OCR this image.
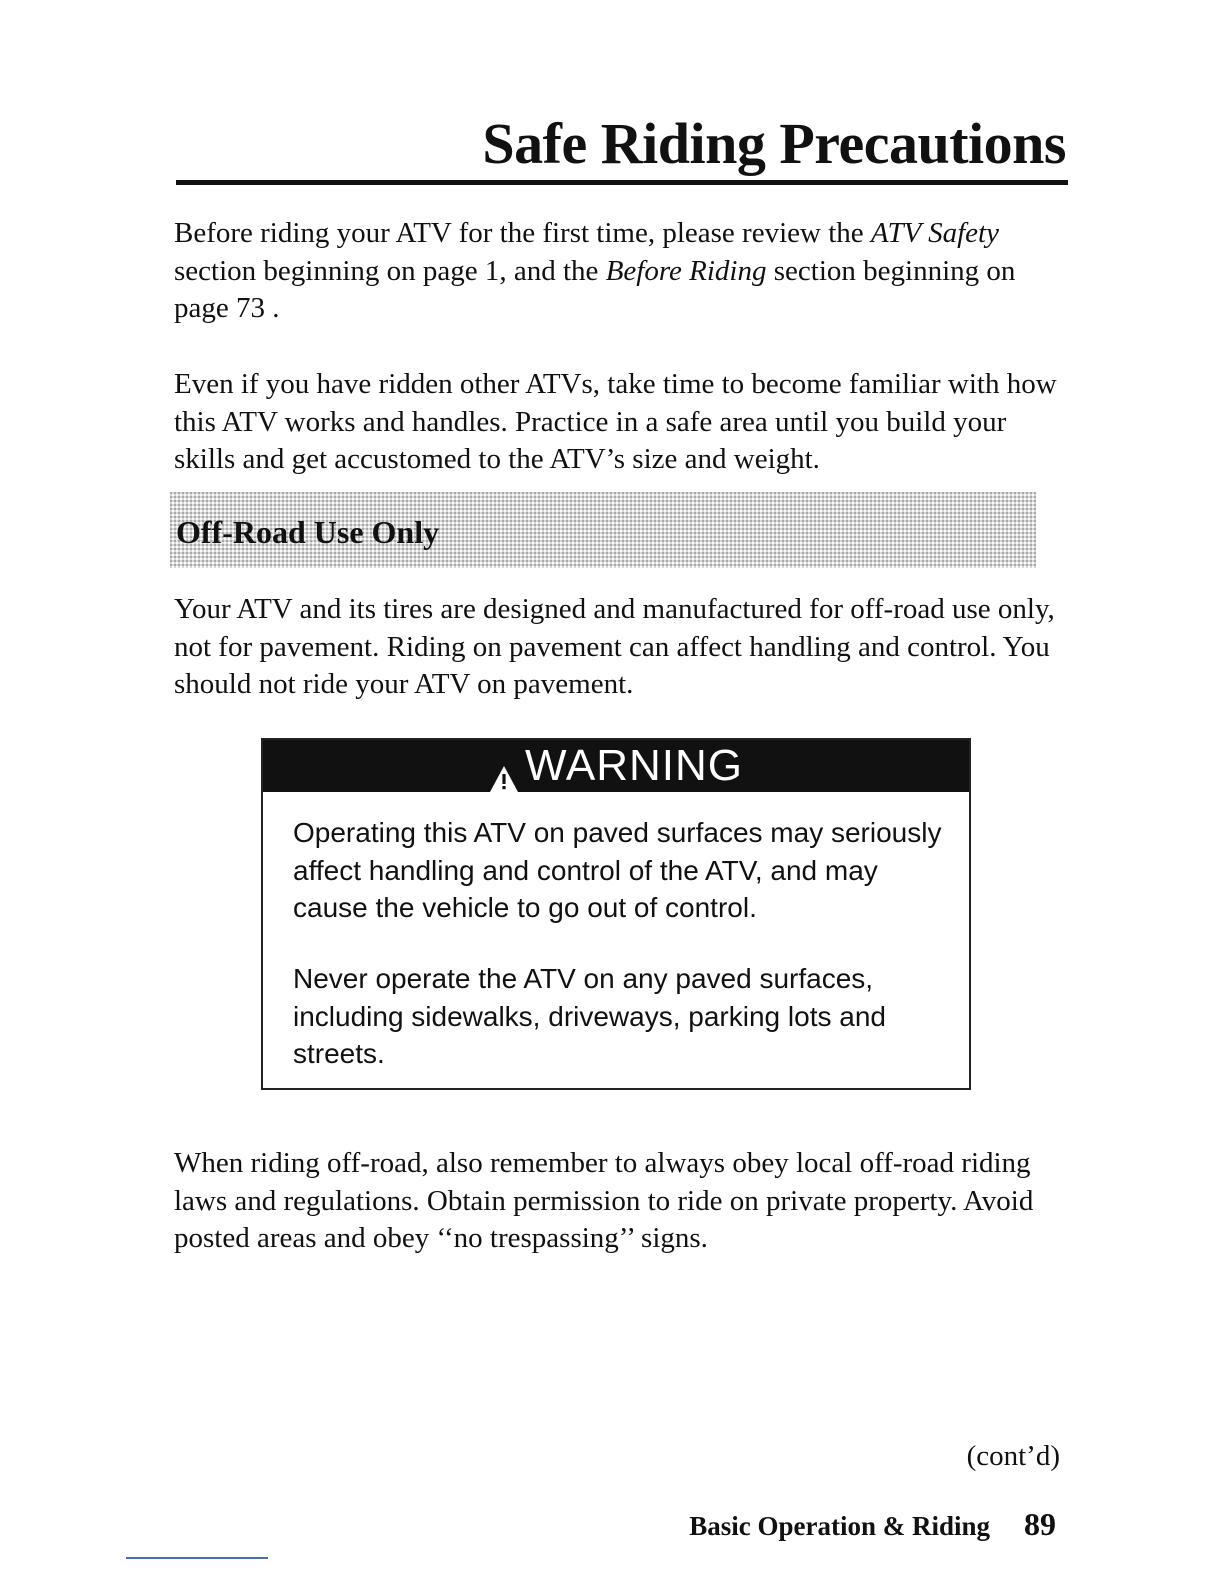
Safe Riding Precautions

Before riding your ATV for the first time, please review the ATV Safety section beginning on page 1, and the Before Riding section beginning on page 73 .

Even if you have ridden other ATVs, take time to become familiar with how this ATV works and handles. Practice in a safe area until you build your skills and get accustomed to the ATV’s size and weight.

Off-Road Use Only

Your ATV and its tires are designed and manufactured for off-road use only, not for pavement. Riding on pavement can affect handling and control. You should not ride your ATV on pavement.

WARNING

Operating this ATV on paved surfaces may seriously affect handling and control of the ATV, and may cause the vehicle to go out of control.

Never operate the ATV on any paved surfaces, including sidewalks, driveways, parking lots and streets.

When riding off-road, also remember to always obey local off-road riding laws and regulations. Obtain permission to ride on private property. Avoid posted areas and obey ‘‘no trespassing’’ signs.

(cont’d)

Basic Operation & Riding 89
